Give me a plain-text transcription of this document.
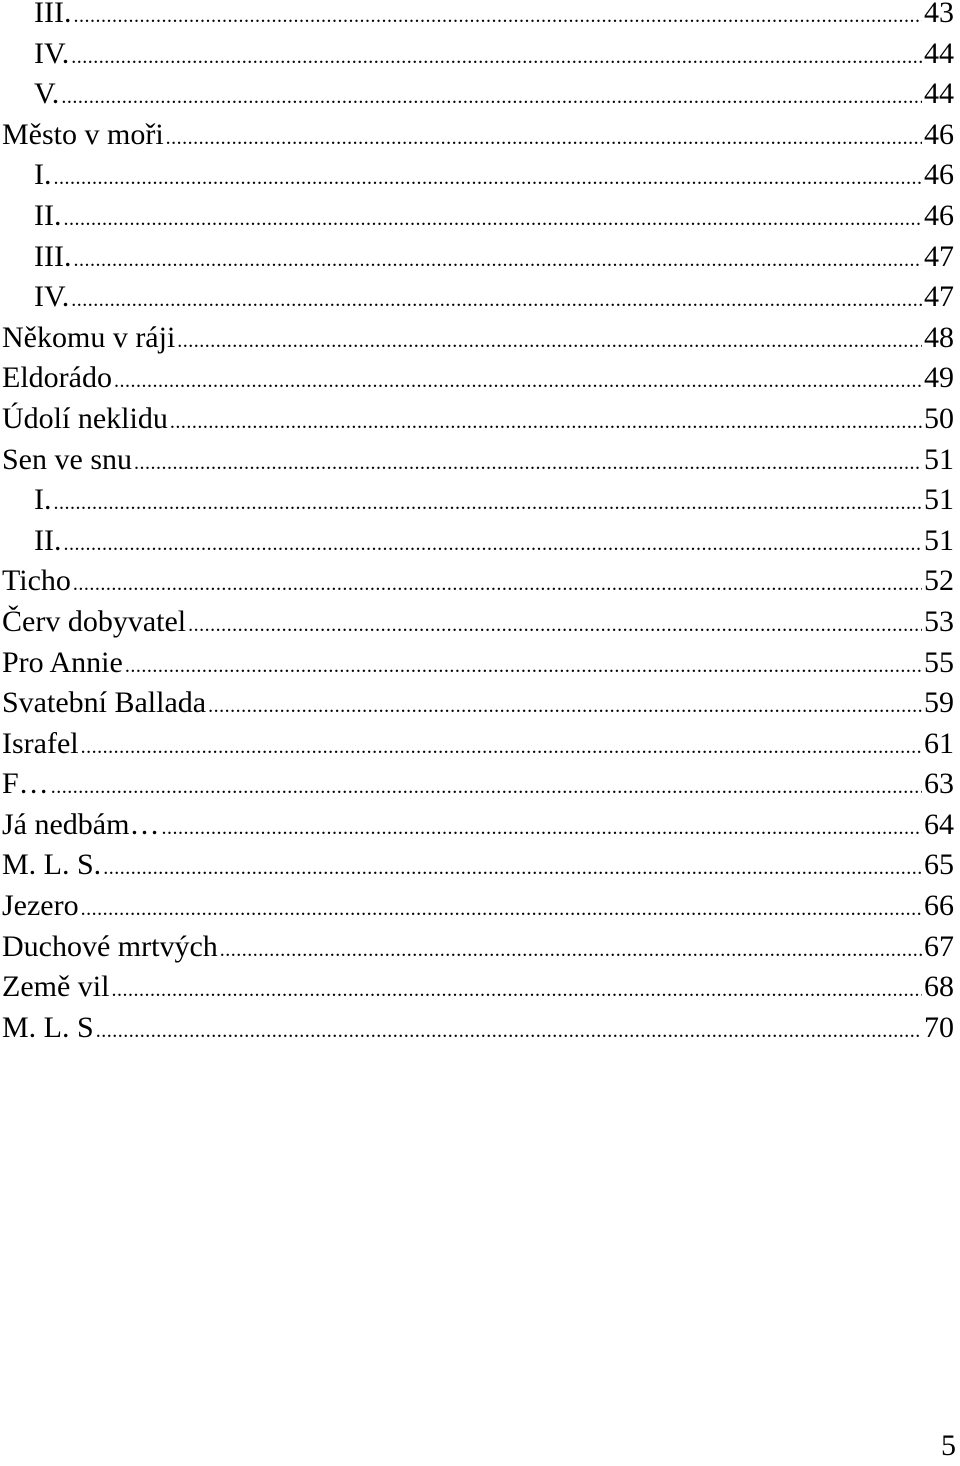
III. .....	43
IV. .....	44
V. .....	44
Město v moři .....	46
I. .....	46
II. .....	46
III. .....	47
IV. .....	47
Někomu v ráji .....	48
Eldorádo .....	49
Údolí neklidu .....	50
Sen ve snu .....	51
I. .....	51
II. .....	51
Ticho .....	52
Červ dobyvatel .....	53
Pro Annie .....	55
Svatební Ballada .....	59
Israfel .....	61
F… .....	63
Já nedbám… .....	64
M. L. S. .....	65
Jezero .....	66
Duchové mrtvých .....	67
Země vil .....	68
M. L. S .....	70
5
